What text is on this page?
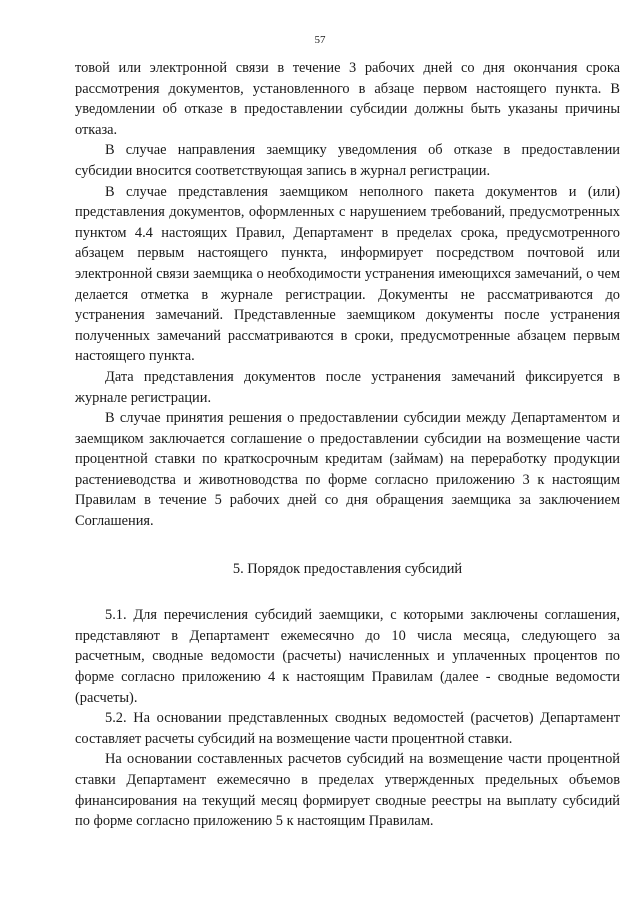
57

товой или электронной связи в течение 3 рабочих дней со дня окончания срока рассмотрения документов, установленного в абзаце первом настоящего пункта. В уведомлении об отказе в предоставлении субсидии должны быть указаны причины отказа.

В случае направления заемщику уведомления об отказе в предоставлении субсидии вносится соответствующая запись в журнал регистрации.

В случае представления заемщиком неполного пакета документов и (или) представления документов, оформленных с нарушением требований, предусмотренных пунктом 4.4 настоящих Правил, Департамент в пределах срока, предусмотренного абзацем первым настоящего пункта, информирует посредством почтовой или электронной связи заемщика о необходимости устранения имеющихся замечаний, о чем делается отметка в журнале регистрации. Документы не рассматриваются до устранения замечаний. Представленные заемщиком документы после устранения полученных замечаний рассматриваются в сроки, предусмотренные абзацем первым настоящего пункта.

Дата представления документов после устранения замечаний фиксируется в журнале регистрации.

В случае принятия решения о предоставлении субсидии между Департаментом и заемщиком заключается соглашение о предоставлении субсидии на возмещение части процентной ставки по краткосрочным кредитам (займам) на переработку продукции растениеводства и животноводства по форме согласно приложению 3 к настоящим Правилам в течение 5 рабочих дней со дня обращения заемщика за заключением Соглашения.

5. Порядок предоставления субсидий

5.1. Для перечисления субсидий заемщики, с которыми заключены соглашения, представляют в Департамент ежемесячно до 10 числа месяца, следующего за расчетным, сводные ведомости (расчеты) начисленных и уплаченных процентов по форме согласно приложению 4 к настоящим Правилам (далее - сводные ведомости (расчеты).

5.2. На основании представленных сводных ведомостей (расчетов) Департамент составляет расчеты субсидий на возмещение части процентной ставки.

На основании составленных расчетов субсидий на возмещение части процентной ставки Департамент ежемесячно в пределах утвержденных предельных объемов финансирования на текущий месяц формирует сводные реестры на выплату субсидий по форме согласно приложению 5 к настоящим Правилам.
